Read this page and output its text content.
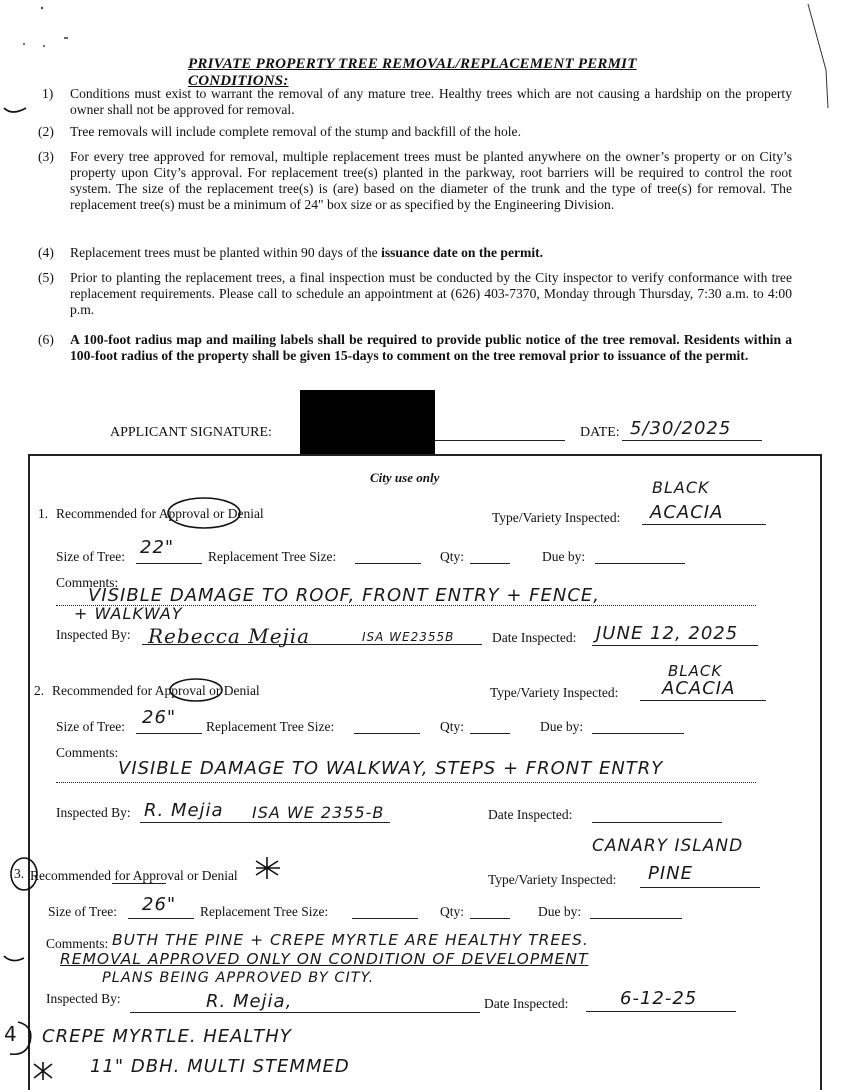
PRIVATE PROPERTY TREE REMOVAL/REPLACEMENT PERMIT CONDITIONS:
1)	Conditions must exist to warrant the removal of any mature tree. Healthy trees which are not causing a hardship on the property owner shall not be approved for removal.
(2)	Tree removals will include complete removal of the stump and backfill of the hole.
(3)	For every tree approved for removal, multiple replacement trees must be planted anywhere on the owner’s property or on City’s property upon City’s approval. For replacement tree(s) planted in the parkway, root barriers will be required to control the root system. The size of the replacement tree(s) is (are) based on the diameter of the trunk and the type of tree(s) for removal. The replacement tree(s) must be a minimum of 24" box size or as specified by the Engineering Division.
(4)	Replacement trees must be planted within 90 days of the issuance date on the permit.
(5)	Prior to planting the replacement trees, a final inspection must be conducted by the City inspector to verify conformance with tree replacement requirements. Please call to schedule an appointment at (626) 403-7370, Monday through Thursday, 7:30 a.m. to 4:00 p.m.
(6)	A 100-foot radius map and mailing labels shall be required to provide public notice of the tree removal. Residents within a 100-foot radius of the property shall be given 15-days to comment on the tree removal prior to issuance of the permit.
APPLICANT SIGNATURE:	DATE: 5/30/2025
City use only
1. Recommended for Approval or Denial
BLACK
Type/Variety Inspected: ACACIA
Size of Tree: 22"	Replacement Tree Size:	Qty:	Due by:
Comments:
VISIBLE DAMAGE TO ROOF, FRONT ENTRY + FENCE,
+ WALKWAY
Inspected By: Rebecca Mejia	ISA WE2355B	Date Inspected: JUNE 12, 2025
2. Recommended for Approval or Denial
BLACK
Type/Variety Inspected: ACACIA
Size of Tree: 26" Replacement Tree Size:	Qty:	Due by:
Comments:
VISIBLE DAMAGE TO WALKWAY, STEPS + FRONT ENTRY
Inspected By: R. Mejia ISA WE 2355-B	Date Inspected:
CANARY ISLAND
Recommended for Approval or Denial
3.	Type/Variety Inspected: PINE
Size of Tree: 26" Replacement Tree Size:	Qty:	Due by:
Comments: BUTH THE PINE + CREPE MYRTLE ARE HEALTHY TREES.
REMOVAL APPROVED ONLY ON CONDITION OF DEVELOPMENT
PLANS BEING APPROVED BY CITY.
Inspected By:	R. Mejia,	Date Inspected:	6-12-25
4 CREPE MYRTLE. HEALTHY
11" DBH. MULTI STEMMED
